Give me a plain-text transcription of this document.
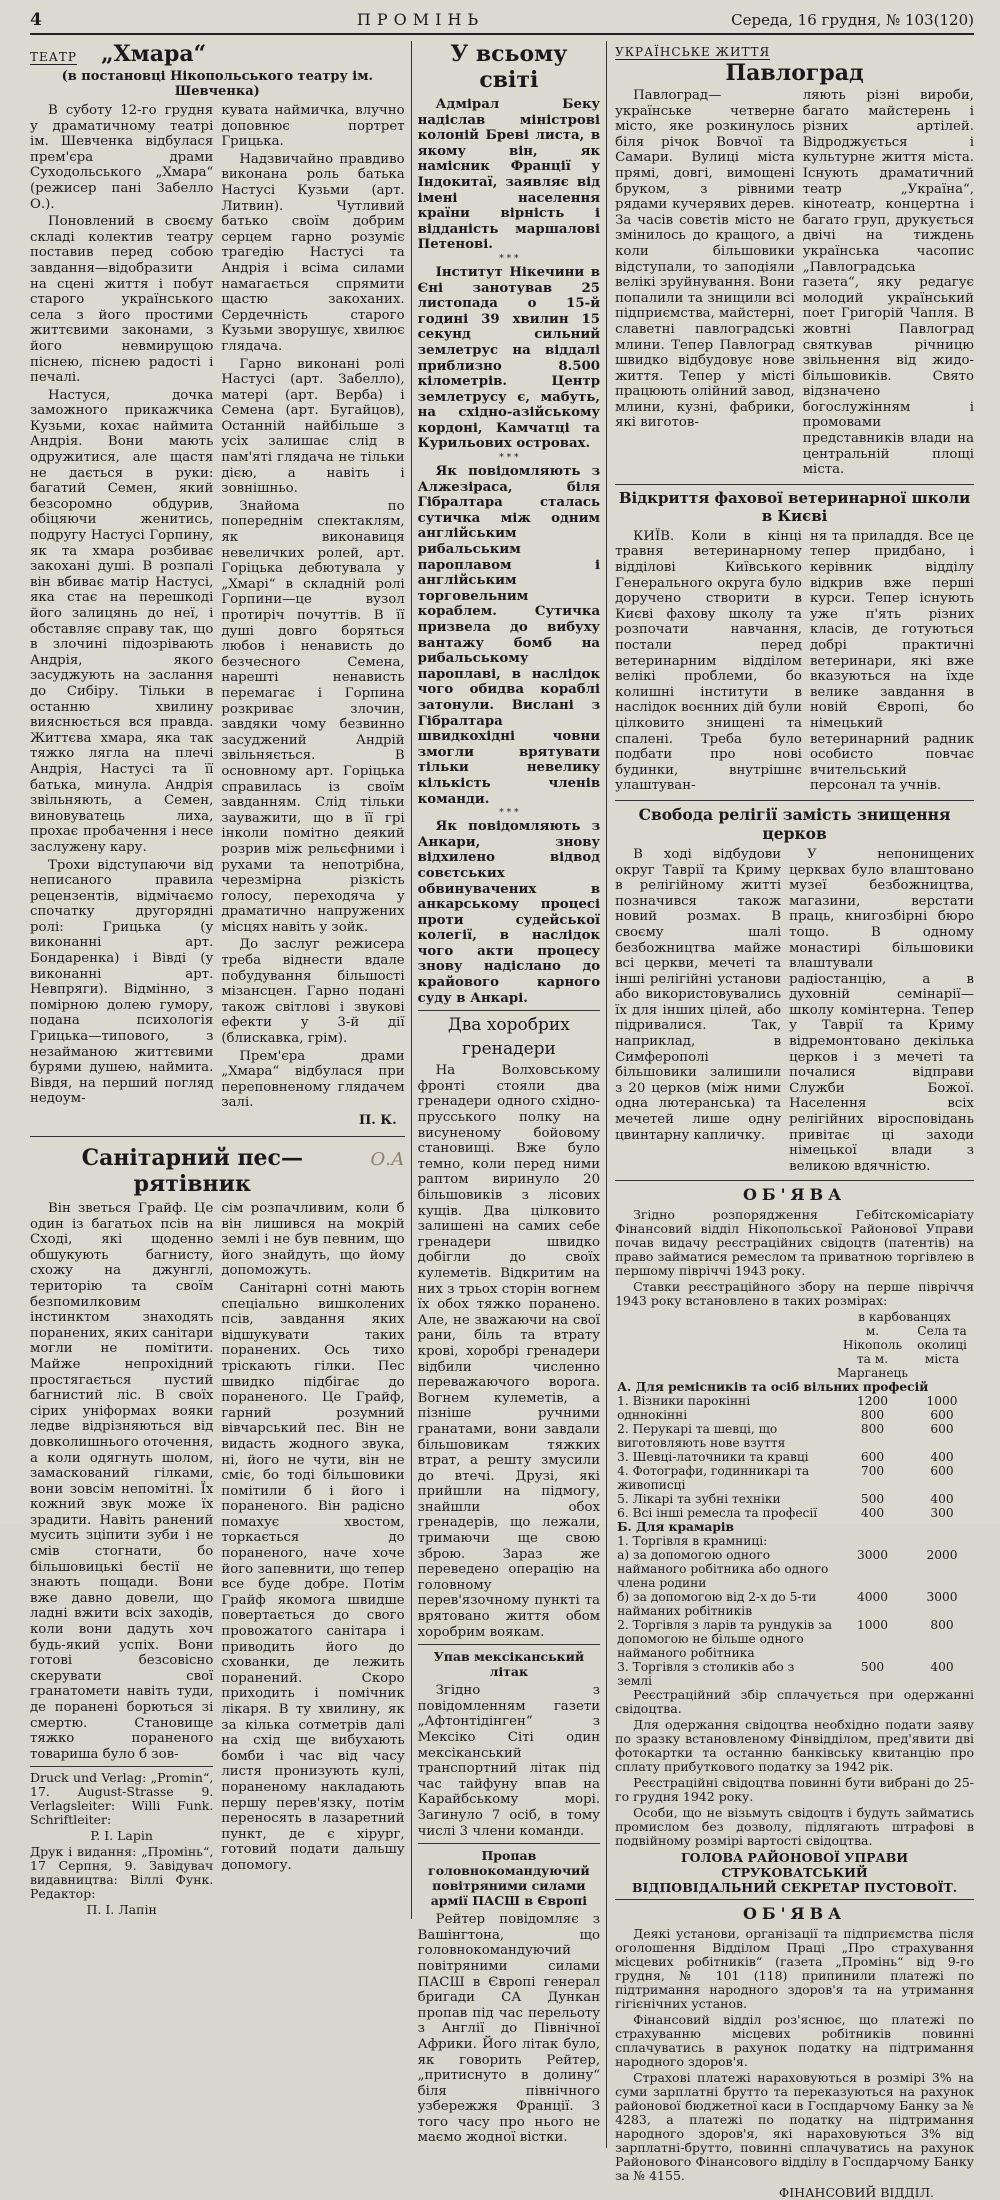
4	ПРОМІНЬ	Середа, 16 грудня, № 103(120)
ТЕАТР „Хмара“
(в постановці Нікопольського театру ім. Шевченка)

В суботу 12-го грудня у драматичному театрі ім. Шевченка відбулася прем'єра драми Суходольського „Хмара“ (режисер пані Забелло О.).

Поновлений в своєму складі колектив театру поставив перед собою завдання—відобразити на сцені життя і побут старого українського села з його простими життєвими законами, з його невмирущою піснею, піснею радості і печалі.

Настуся, дочка заможного прикажчика Кузьми, кохає наймита Андрія. Вони мають одружитися, але щастя не дається в руки: багатий Семен, який безсоромно обдурив, обіцяючи женитись, подругу Настусі Горпину, як та хмара розбиває закохані душі. В розпалі він вбиває матір Настусі, яка стає на перешкоді його залицянь до неї, і обставляє справу так, що в злочині підозрівають Андрія, якого засуджують на заслання до Сибіру. Тільки в останню хвилину вияснюється вся правда. Життєва хмара, яка так тяжко лягла на плечі Андрія, Настусі та її батька, минула. Андрія звільняють, а Семен, виновуватець лиха, прохає пробачення і несе заслужену кару.

Трохи відступаючи від неписаного правила рецензентів, відмічаємо спочатку другорядні ролі: Грицька (у виконанні арт. Бондаренка) і Вівді (у виконанні арт. Невпряги). Відмінно, з помірною долею гумору, подана психологія Грицька—типового, з незайманою життєвими бурями душею, наймита. Вівдя, на перший погляд недоум-

кувата наймичка, влучно доповнює портрет Грицька.

Надзвичайно правдиво виконана роль батька Настусі Кузьми (арт. Литвин). Чутливий батько своїм добрим серцем гарно розуміє трагедію Настусі та Андрія і всіма силами намагається спрямити щастю закоханих. Сердечність старого Кузьми зворушує, хвилює глядача.

Гарно виконані ролі Настусі (арт. Забелло), матері (арт. Верба) і Семена (арт. Бугайцов), Останній найбільше з усіх залишає слід в пам'яті глядача не тільки дією, а навіть і зовнішньо.

Знайома по попереднім спектаклям, як виконавиця невеличких ролей, арт. Горіцька дебютувала у „Хмарі“ в складній ролі Горпини—це вузол протиріч почуттів. В її душі довго боряться любов і ненависть до безчесного Семена, нарешті ненависть перемагає і Горпина розкриває злочин, завдяки чому безвинно засуджений Андрій звільняється. В основному арт. Горіцька справилась із своїм завданням. Слід тільки зауважити, що в її грі інколи помітно деякий розрив між рельєфними і рухами та непотрібна, черезмірна різкість голосу, переходяча у драматично напружених місцях навіть у зойк.

До заслуг режисера треба віднести вдале побудування більшості мізансцен. Гарно подані також світлові і звукові ефекти у 3-й дії (блискавка, грім).

Прем'єра драми „Хмара“ відбулася при переповненому глядачем залі.

П. К.
Санітарний пес—рятівник
О.А

Він зветься Грайф. Це один із багатьох псів на Сході, які щоденно обшукують багнисту, схожу на джунглі, територію та своїм безпомилковим інстинктом знаходять поранених, яких санітари могли не помітити. Майже непрохідний простягається пустий багнистий ліс. В своїх сірих уніформах вояки ледве відрізняються від довколишнього оточення, а коли одягнуть шолом, замаскований гілками, вони зовсім непомітні. Їх кожний звук може їх зрадити. Навіть ранений мусить зціпити зуби і не смів стогнати, бо більшовицькі бестії не знають пощади. Вони вже давно довели, що ладні вжити всіх заходів, коли вони дадуть хоч будь-який успіх. Вони готові безсовісно скерувати свої гранатомети навіть туди, де поранені борються зі смертю. Становище тяжко пораненого товариша було б зов-

Druck und Verlag: „Promin“, 17. August-Strasse 9. Verlagsleiter: Willi Funk. Schriftleiter:

P. I. Lapin

Друк і видання: „Промінь“, 17 Серпня, 9. Завідувач видавництва: Віллі Функ. Редактор:

П. І. Лапін

сім розпачливим, коли б він лишився на мокрій землі і не був певним, що його знайдуть, що йому допоможуть.

Санітарні сотні мають спеціально вишколених псів, завдання яких відшукувати таких поранених. Ось тихо тріскають гілки. Пес швидко підбігає до пораненого. Це Грайф, гарний розумний вівчарський пес. Він не видасть жодного звука, ні, його не чути, він не сміє, бо тоді більшовики помітили б і його і пораненого. Він радісно помахує хвостом, торкається до пораненого, наче хоче його запевнити, що тепер все буде добре. Потім Грайф якомога швидше повертається до свого провожатого санітара і приводить його до схованки, де лежить поранений. Скоро приходить і помічник лікаря. В ту хвилину, як за кілька сотметрів далі на схід ще вибухають бомби і час від часу листя пронизують кулі, пораненому накладають першу перев'язку, потім переносять в лазаретний пункт, де є хірург, готовий подати дальшу допомогу.

У всьому світі

Адмірал Беку надіслав міністрові колоній Бреві листа, в якому він, як намісник Франції у Індокитаї, заявляє від імені населення країни вірність і відданість маршалові Петенові.

* * *

Інститут Нікечини в Єні занотував 25 листопада о 15-й годині 39 хвилин 15 секунд сильний землетрус на віддалі приблизно 8.500 кілометрів. Центр землетрусу є, мабуть, на східно-азійському кордоні, Камчатці та Курильових островах.

* * *

Як повідомляють з Алжезіраса, біля Гібралтара сталась сутичка між одним англійським рибальським пароплавом і англійським торговельним кораблем. Сутичка призвела до вибуху вантажу бомб на рибальському пароплаві, в наслідок чого обидва кораблі затонули. Вислані з Гібралтара швидкохідні човни змогли врятувати тільки невелику кількість членів команди.

* * *

Як повідомляють з Анкари, знову відхилено відвод совєтських обвинувачених в анкарському процесі проти судейської колегії, в наслідок чого акти процесу знову надіслано до крайового карного суду в Анкарі.

Два хоробрих
гренадери

На Волховському фронті стояли два гренадери одного східно-прусського полку на висуненому бойовому становищі. Вже було темно, коли перед ними раптом виринуло 20 більшовиків з лісових кущів. Два цілковито залишені на самих себе гренадери швидко добігли до своїх кулеметів. Відкритим на них з трьох сторін вогнем їх обох тяжко поранено. Але, не зважаючи на свої рани, біль та втрату крові, хоробрі гренадери відбили численно переважаючого ворога. Вогнем кулеметів, а пізніше ручними гранатами, вони завдали більшовикам тяжких втрат, а решту змусили до втечі. Друзі, які прийшли на підмогу, знайшли обох гренадерів, що лежали, тримаючи ще свою зброю. Зараз же переведено операцію на головному перев'язочному пункті та врятовано життя обом хоробрим воякам.

Упав мексіканський літак

Згідно з повідомленням газети „Афтонтідінген“ з Мексіко Сіті один мексіканський транспортний літак під час тайфуну впав на Карайбському морі. Загинуло 7 осіб, в тому числі 3 члени команди.

Пропав головнокомандуючий повітряними силами армії ПАСШ в Європі

Рейтер повідомляє з Вашінгтона, що головнокомандуючий повітряними силами ПАСШ в Європі генерал бригади СА Дункан пропав під час перельоту з Англії до Північної Африки. Його літак було, як говорить Рейтер, „притиснуто в долину“ біля північного узбережжя Франції. З того часу про нього не маємо жодної вістки.

УКРАЇНСЬКЕ ЖИТТЯ
Павлоград

Павлоград—українське четверне місто, яке розкинулось біля річок Вовчої та Самари. Вулиці міста прямі, довгі, вимощені бруком, з рівними рядами кучерявих дерев. За часів совєтів місто не змінилось до кращого, а коли більшовики відступали, то заподіяли велікі зруйнування. Вони попалили та знищили всі підприємства, майстерні, славетні павлоградські млини. Тепер Павлоград швидко відбудовує нове життя. Тепер у місті працюють олійний завод, млини, кузні, фабрики, які виготов-

ляють різні вироби, багато майстерень і різних артілей. Відроджується і культурне життя міста. Існують драматичний театр „Україна“, кінотеатр, концертна і багато груп, друкується двічі на тиждень українська часопис „Павлоградська газета“, яку редагує молодий український поет Григорій Чапля. В жовтні Павлоград святкував річницю звільнення від жидо-більшовиків. Свято відзначено богослужінням і промовами представників влади на центральній площі міста.

Відкриття фахової ветеринарної школи в Києві

КИЇВ. Коли в кінці травня ветеринарному відділові Київського Генерального округа було доручено створити в Києві фахову школу та розпочати навчання, постали перед ветеринарним відділом велікі проблеми, бо колишні інститути в наслідок воєнних дій були цілковито знищені та спалені. Треба було подбати про нові будинки, внутрішнє улаштуван-

ня та приладдя. Все це тепер придбано, і керівник відділу відкрив вже перші курси. Тепер існують уже п'ять різних класів, де готуються добрі практичні ветеринари, які вже вказуються на їхде велике завдання в новій Європі, бо німецький ветеринарний радник особисто повчає вчительський персонал та учнів.

Свобода релігії замість знищення церков

В ході відбудови округ Таврії та Криму в релігійному житті позначився також новий розмах. В своєму шалі безбожництва майже всі церкви, мечеті та інші релігійні установи або використовувались їх для інших цілей, або підривалися. Так, наприклад, в Симферополі більшовики залишили з 20 церков (між ними одна лютеранська) та мечетей лише одну цвинтарну капличку.

У непонищених церквах було влаштовано музеї безбожництва, магазини, верстати праць, книгозбірні бюро тощо. В одному монастирі більшовики влаштували радіостанцію, а в духовній семінарії—школу комінтерна. Тепер у Таврії та Криму відремонтовано декілька церков і з мечеті та почалися відправи Служби Божої. Населення всіх релігійних віросповідань привітає ці заходи німецької влади з великою вдячністю.

ОБ'ЯВА

Згідно розпорядження Гебітскомісаріату Фінансовий відділ Нікопольської Районової Управи почав видачу реєстраційних свідоцтв (патентів) на право займатися ремеслом та приватною торгівлею в першому півріччі 1943 року.

Ставки реєстраційного збору на перше півріччя 1943 року встановлено в таких розмірах:

	в карбованцях	
	м. Нікополь та м. Марганець	Села та околиці міста
А. Для ремісників та осіб вільних професій		
1. Візники парокінні	1200	1000
одннокінні	800	600
2. Перукарі та шевці, що виготовляють нове взуття	800	600
3. Шевці-латочники та кравці	600	400
4. Фотографи, годинникарі та живописці	700	600
5. Лікарі та зубні техніки	500	400
6. Всі інші ремесла та професії	400	300
Б. Для крамарів		
1. Торгівля в крамниці:		
а) за допомогою одного найманого робітника або одного члена родини	3000	2000
б) за допомогою від 2-х до 5-ти найманих робітників	4000	3000
2. Торгівля з ларів та рундуків за допомогою не більше одного найманого робітника	1000	800
3. Торгівля з столиків або з землі	500	400

Реєстраційний збір сплачується при одержанні свідоцтва.

Для одержання свідоцтва необхідно подати заяву по зразку встановленому Фінвідділом, пред'явити дві фотокартки та останню банківську квитанцію про сплату прибуткового податку за 1942 рік.

Реєстраційні свідоцтва повинні бути вибрані до 25-го грудня 1942 року.

Особи, що не візьмуть свідоцтв і будуть займатись промислом без дозволу, підлягають штрафові в подвійному розмірі вартості свідоцтва.

ГОЛОВА РАЙОНОВОЇ УПРАВИ СТРУКОВАТСЬКИЙ
ВІДПОВІДАЛЬНИЙ СЕКРЕТАР ПУСТОВОЇТ.
ОБ'ЯВА

Деякі установи, організації та підприємства після оголошення Відділом Праці „Про страхування місцевих робітників“ (газета „Промінь“ від 9-го грудня, № 101 (118) припинили платежі по підтримання народного здоров'я та на утримання гігієнічних установ.

Фінансовий відділ роз'яснює, що платежі по страхуванню місцевих робітників повинні сплачуватись в рахунок податку на підтримання народного здоров'я.

Страхові платежі нараховуються в розмірі 3% на суми зарплатні брутто та переказуються на рахунок районової бюджетної каси в Госпдарчому Банку за № 4283, а платежі по податку на підтримання народного здоров'я, які нараховуються 3% від зарплатні-брутто, повинні сплачуватись на рахунок Районового Фінансового відділу в Госпдарчому Банку за № 4155.

ФІНАНСОВИЙ ВІДДІЛ.
